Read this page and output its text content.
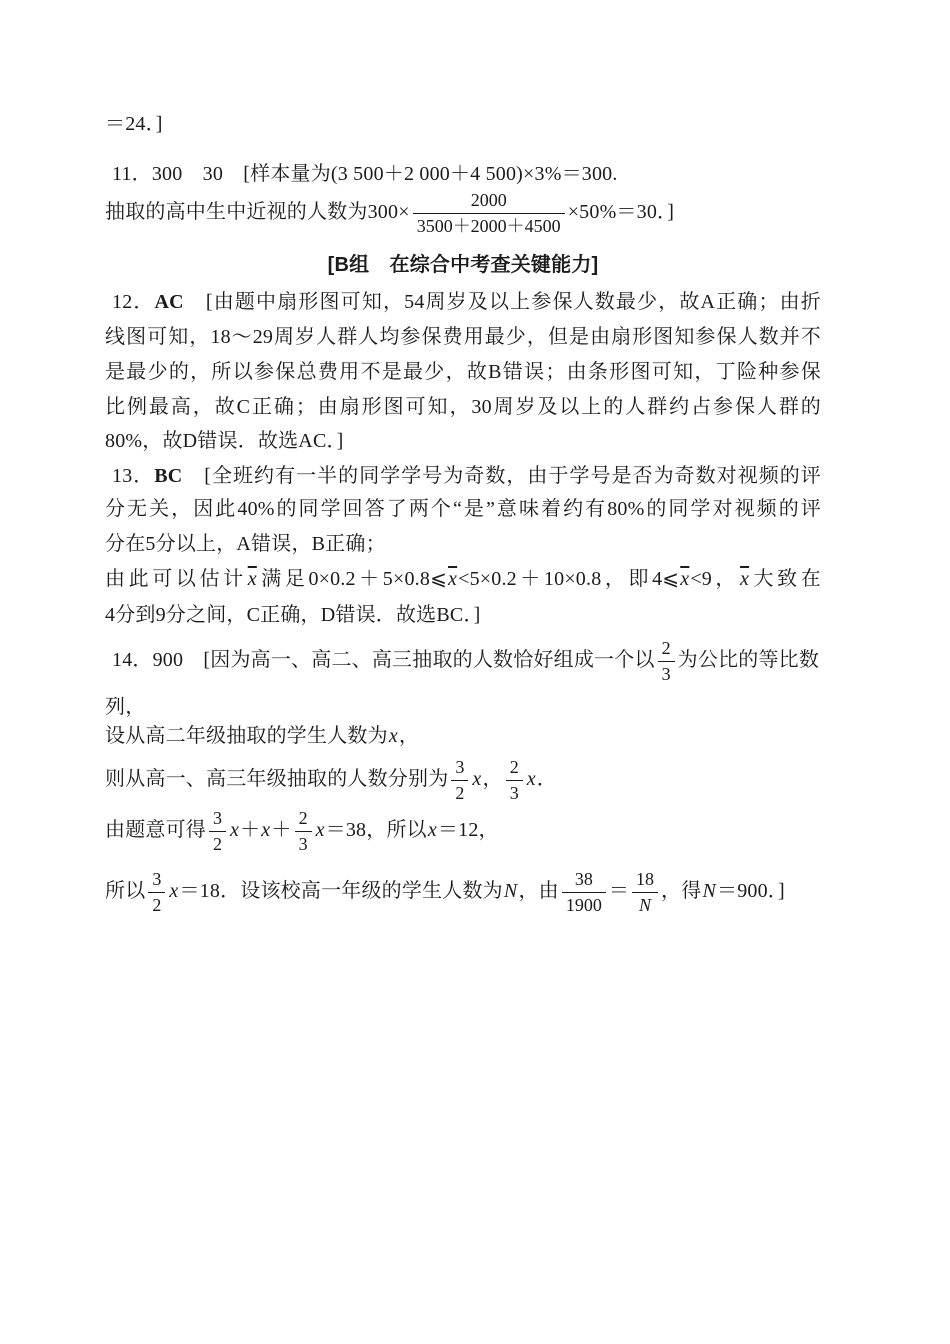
＝24．]
11．300　30　[样本量为(3 500＋2 000＋4 500)×3%＝300.
抽取的高中生中近视的人数为$300\times \frac{2000}{3500+2000+4500} \times 50\%=30$．]
[B组　在综合中考查关键能力]
12．AC　[由题中扇形图可知，54周岁及以上参保人数最少，故A正确；由折
线图可知，18～29周岁人群人均参保费用最少，但是由扇形图知参保人数并不
是最少的，所以参保总费用不是最少，故B错误；由条形图可知，丁险种参保
比例最高，故C正确；由扇形图可知，30周岁及以上的人群约占参保人群的
80%，故D错误．故选AC．]
13．BC　[全班约有一半的同学学号为奇数，由于学号是否为奇数对视频的评
分无关，因此40%的同学回答了两个“是”意味着约有80%的同学对视频的评
分在5分以上，A错误，B正确；
由此可以估计$\overline{x}$满足$0\times 0.2+5\times 0.8⩽\overline{x}<5\times 0.2+10\times 0.8$，即$4⩽\overline{x}<9$，$\overline{x}$大致在
4分到9分之间，C正确，D错误．故选BC．]
14．900　[因为高一、高二、高三抽取的人数恰好组成一个以 $\frac{2}{3}$ 为公比的等比数
列，
设从高二年级抽取的学生人数为x，
则从高一、高三年级抽取的人数分别为 $\frac{3}{2}$ x， $\frac{2}{3}$ x．
由题意可得 $\frac{3}{2} x+x+ \frac{2}{3} x=38$，所以x＝12，
所以 $\frac{3}{2} x=18$．设该校高一年级的学生人数为N，由 $\frac{38}{1900} = \frac{18}{N}$ ，得N＝900．]
